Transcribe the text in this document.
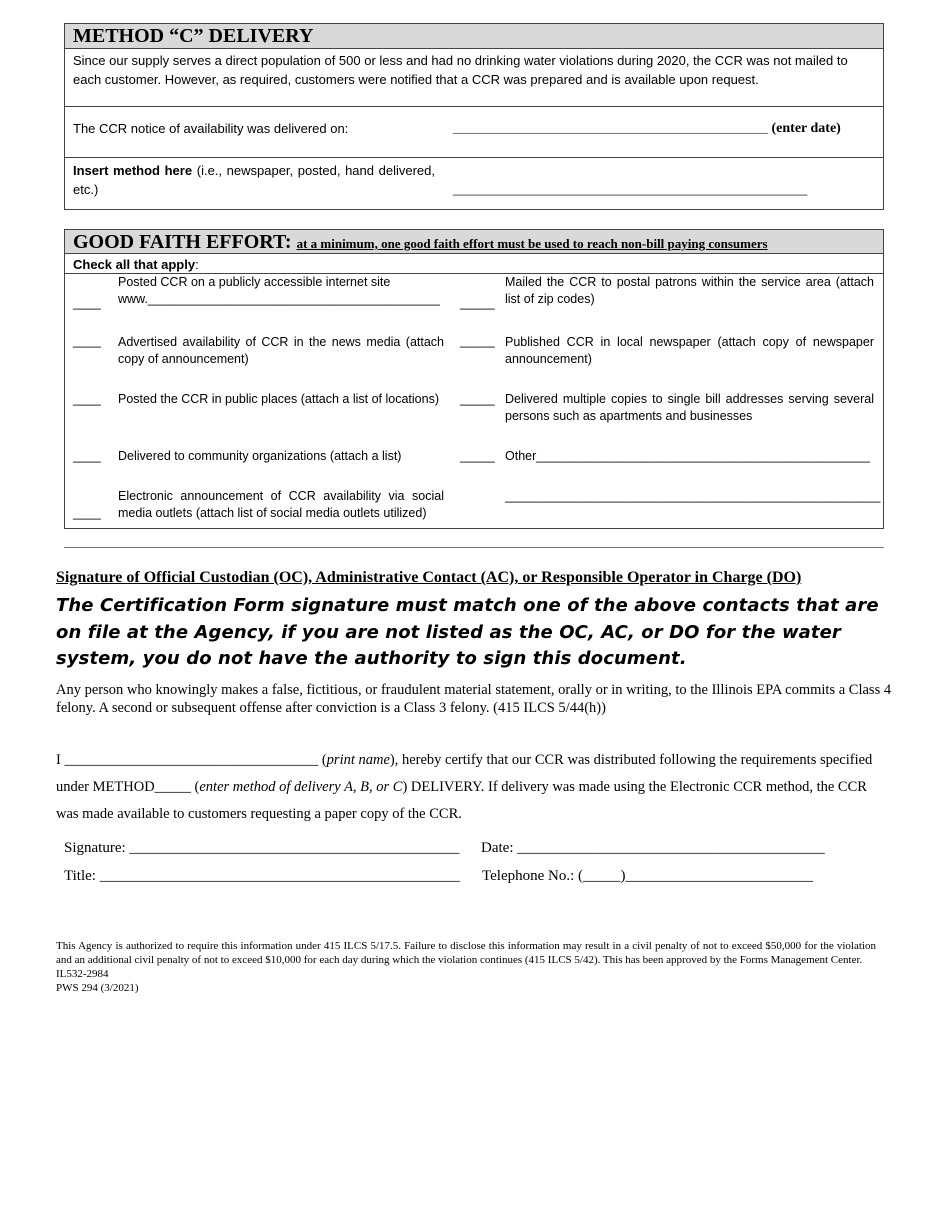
METHOD “C” DELIVERY
Since our supply serves a direct population of 500 or less and had no drinking water violations during 2020, the CCR was not mailed to each customer. However, as required, customers were notified that a CCR was prepared and is available upon request.
The CCR notice of availability was delivered on:	_____________________________________________ (enter date)
Insert method here (i.e., newspaper, posted, hand delivered, etc.)	_________________________________________________
GOOD FAITH EFFORT: at a minimum, one good faith effort must be used to reach non-bill paying consumers
Check all that apply:
____
Posted CCR on a publicly accessible internet site
www.__________________________________________
____ Advertised availability of CCR in the news media (attach copy of announcement)
____ Posted the CCR in public places (attach a list of locations)
____ Delivered to community organizations (attach a list)
____
Electronic announcement of CCR availability via social media outlets (attach list of social media outlets utilized)
_____
Mailed the CCR to postal patrons within the service area (attach list of zip codes)
_____ Published CCR in local newspaper (attach copy of newspaper announcement)
_____ Delivered multiple copies to single bill addresses serving several persons such as apartments and businesses
_____ Other________________________________________________
______________________________________________________
Signature of Official Custodian (OC), Administrative Contact (AC), or Responsible Operator in Charge (DO)
The Certification Form signature must match one of the above contacts that are on file at the Agency, if you are not listed as the OC, AC, or DO for the water system, you do not have the authority to sign this document.
Any person who knowingly makes a false, fictitious, or fraudulent material statement, orally or in writing, to the Illinois EPA commits a Class 4 felony. A second or subsequent offense after conviction is a Class 3 felony. (415 ILCS 5/44(h))
I ___________________________________ (print name), hereby certify that our CCR was distributed following the requirements specified under METHOD_____ (enter method of delivery A, B, or C) DELIVERY. If delivery was made using the Electronic CCR method, the CCR was made available to customers requesting a paper copy of the CCR.
Signature: ____________________________________________ Date: _________________________________________
Title: ________________________________________________ Telephone No.: (_____)_________________________
This Agency is authorized to require this information under 415 ILCS 5/17.5. Failure to disclose this information may result in a civil penalty of not to exceed $50,000 for the violation and an additional civil penalty of not to exceed $10,000 for each day during which the violation continues (415 ILCS 5/42). This has been approved by the Forms Management Center.
IL532-2984
PWS 294 (3/2021)
